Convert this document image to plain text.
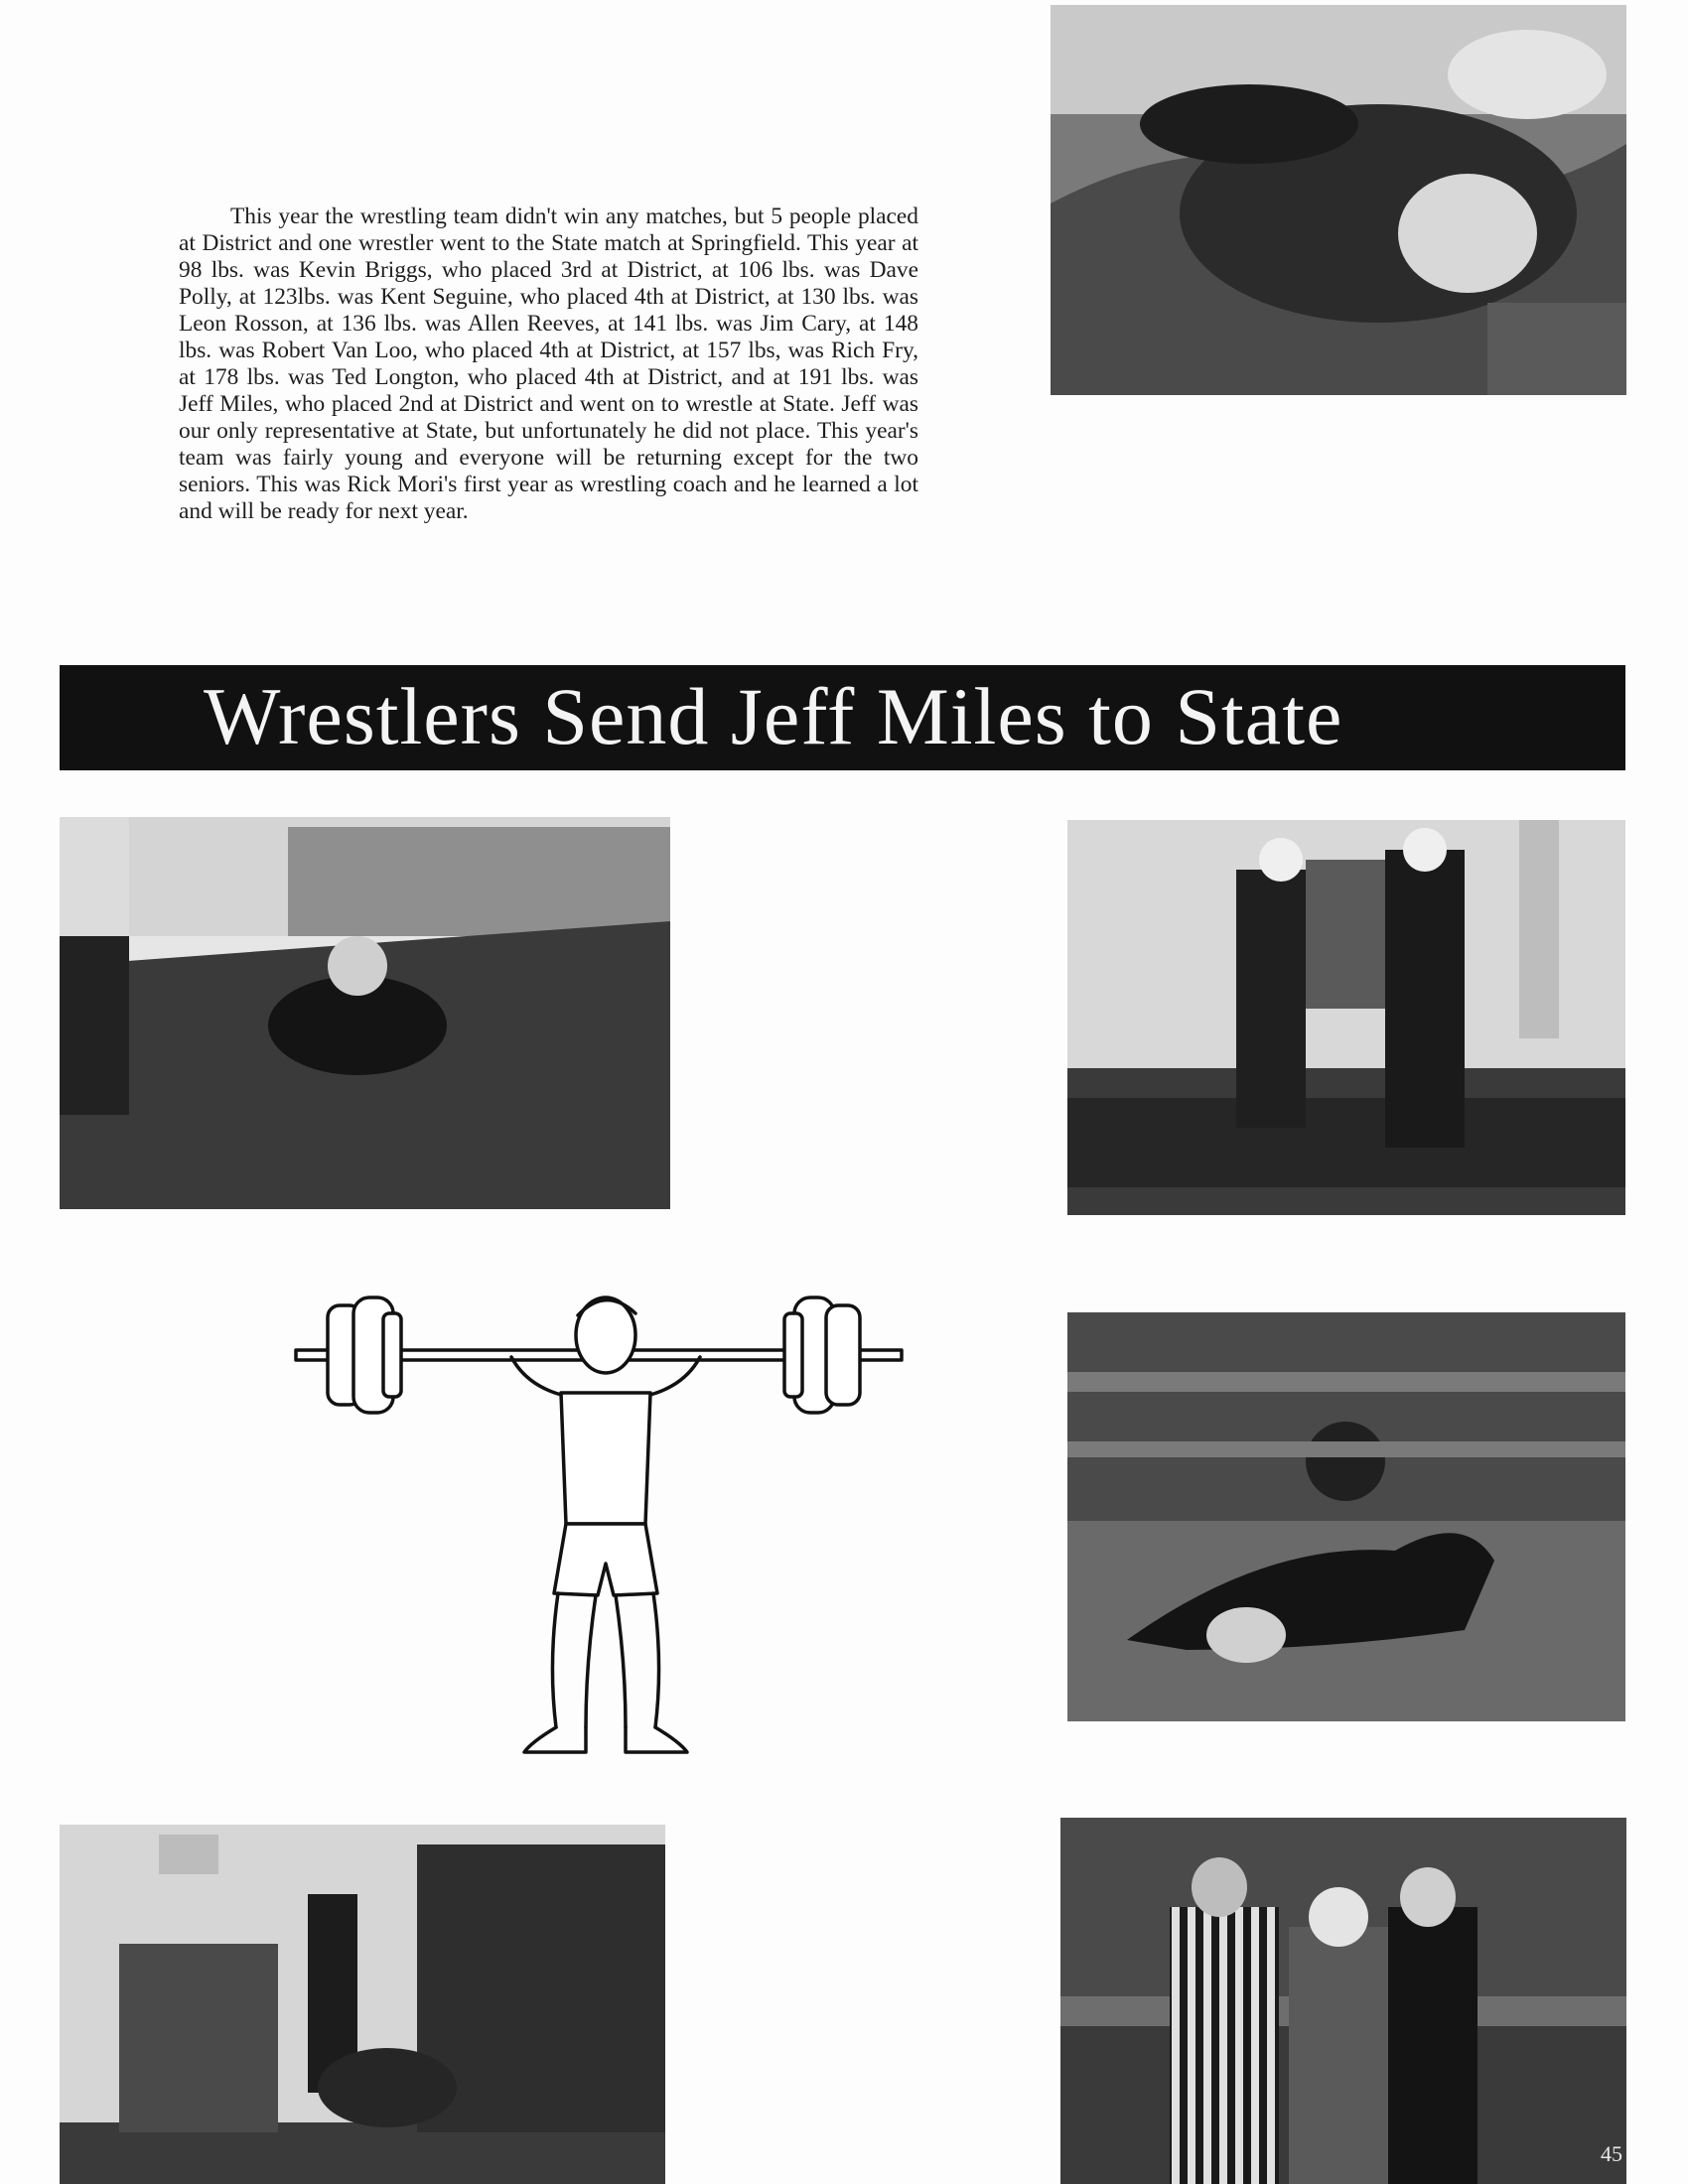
This year the wrestling team didn't win any matches, but 5 people placed at District and one wrestler went to the State match at Springfield. This year at 98 lbs. was Kevin Briggs, who placed 3rd at District, at 106 lbs. was Dave Polly, at 123lbs. was Kent Seguine, who placed 4th at District, at 130 lbs. was Leon Rosson, at 136 lbs. was Allen Reeves, at 141 lbs. was Jim Cary, at 148 lbs. was Robert Van Loo, who placed 4th at District, at 157 lbs, was Rich Fry, at 178 lbs. was Ted Longton, who placed 4th at District, and at 191 lbs. was Jeff Miles, who placed 2nd at District and went on to wrestle at State. Jeff was our only representative at State, but unfortunately he did not place. This year's team was fairly young and everyone will be returning except for the two seniors. This was Rick Mori's first year as wrestling coach and he learned a lot and will be ready for next year.

Wrestlers Send Jeff Miles to State
45
